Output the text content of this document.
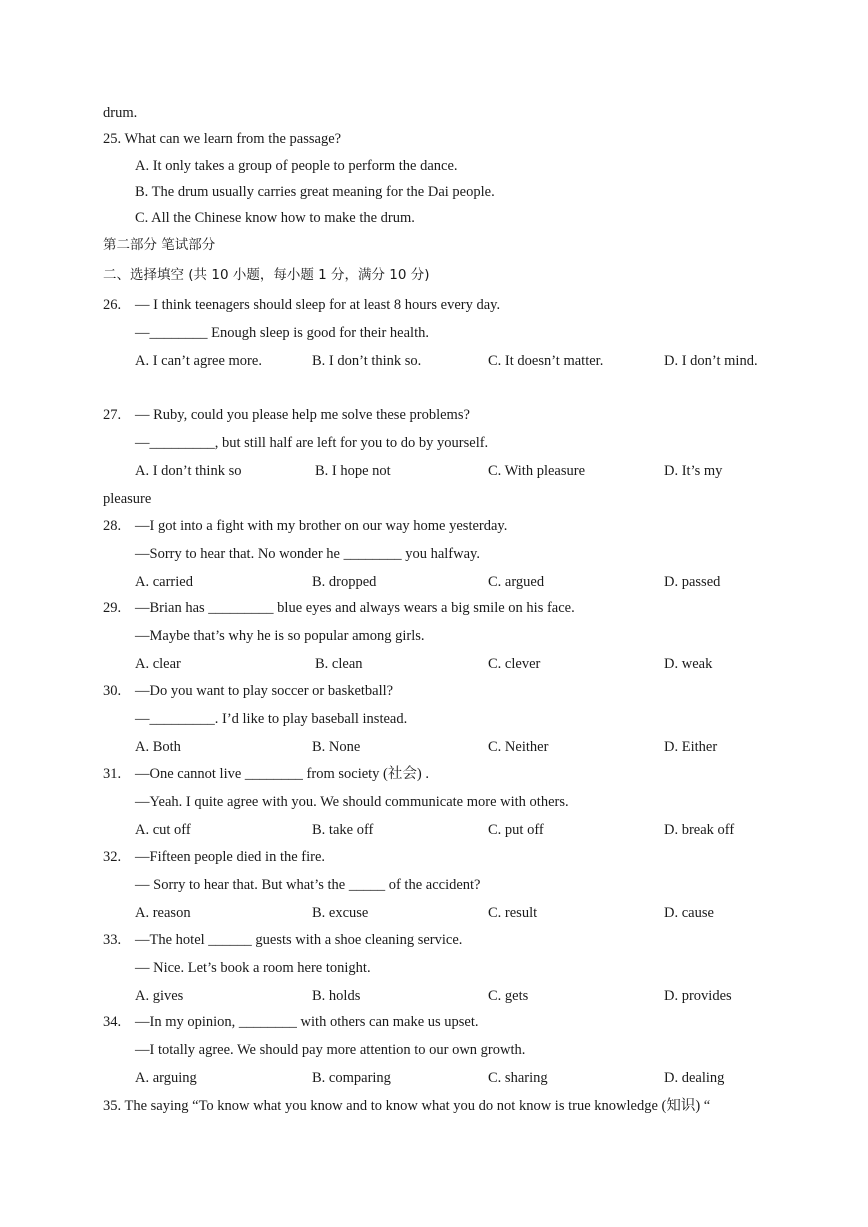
drum.
25. What can we learn from the passage?
A. It only takes a group of people to perform the dance.
B. The drum usually carries great meaning for the Dai people.
C. All the Chinese know how to make the drum.
第二部分 笔试部分
二、选择填空 (共 10 小题，每小题 1 分，满分 10 分)
26. — I think teenagers should sleep for at least 8 hours every day.
—________ Enough sleep is good for their health.
A. I can’t agree more.	B. I don’t think so.	C. It doesn’t matter.	D. I don’t mind.
27. — Ruby, could you please help me solve these problems?
—_________, but still half are left for you to do by yourself.
A. I don’t think so	B. I hope not	C. With pleasure	D. It’s my
pleasure
28. —I got into a fight with my brother on our way home yesterday.
—Sorry to hear that. No wonder he ________ you halfway.
A. carried	B. dropped	C. argued	D. passed
29. —Brian has _________ blue eyes and always wears a big smile on his face.
—Maybe that’s why he is so popular among girls.
A. clear	B. clean	C. clever	D. weak
30. —Do you want to play soccer or basketball?
—_________. I’d like to play baseball instead.
A. Both	B. None	C. Neither	D. Either
31. —One cannot live ________ from society (社会) .
—Yeah. I quite agree with you. We should communicate more with others.
A. cut off	B. take off	C. put off	D. break off
32. —Fifteen people died in the fire.
— Sorry to hear that. But what’s the _____ of the accident?
A. reason	B. excuse	C. result	D. cause
33. —The hotel ______ guests with a shoe cleaning service.
— Nice. Let’s book a room here tonight.
A. gives	B. holds	C. gets	D. provides
34. —In my opinion, ________ with others can make us upset.
—I totally agree. We should pay more attention to our own growth.
A. arguing	B. comparing	C. sharing	D. dealing
35. The saying “To know what you know and to know what you do not know is true knowledge (知识) “
